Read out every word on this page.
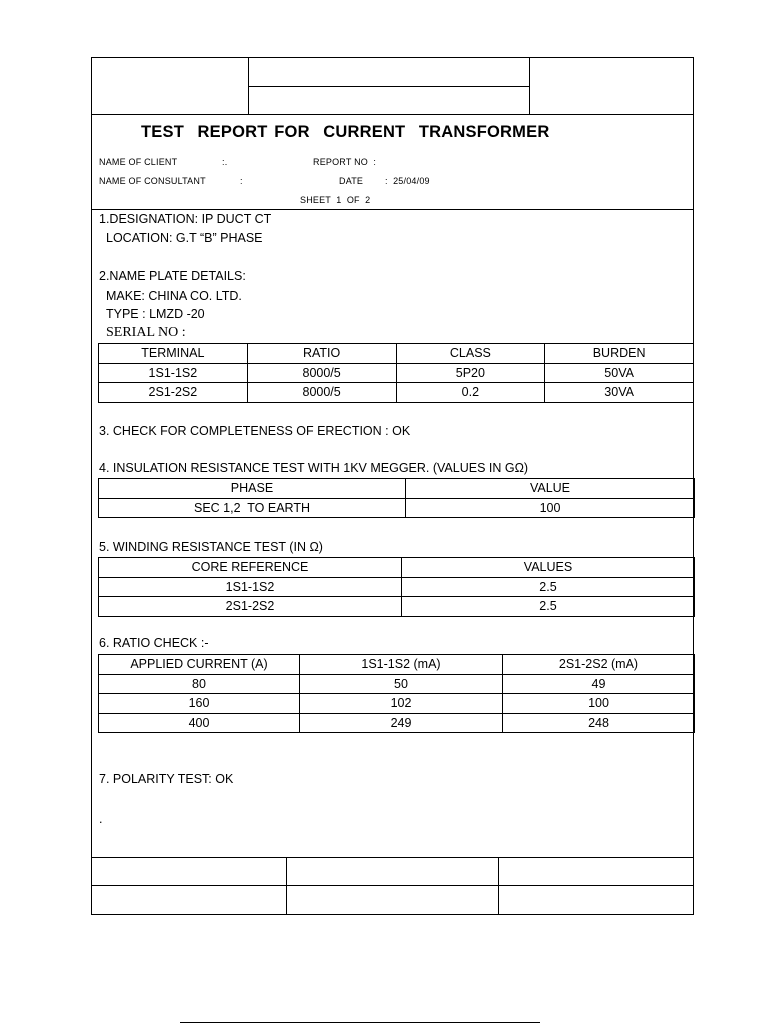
TEST  REPORT FOR  CURRENT  TRANSFORMER
NAME OF CLIENT	:.	REPORT NO  :
NAME OF CONSULTANT	:	DATE :  25/04/09
SHEET  1  OF  2
1.DESIGNATION: IP DUCT CT
LOCATION: G.T “B” PHASE
2.NAME PLATE DETAILS:
MAKE: CHINA CO. LTD.
TYPE : LMZD -20
SERIAL NO :
TERMINAL	RATIO	CLASS	BURDEN
1S1-1S2	8000/5	5P20	50VA
2S1-2S2	8000/5	0.2	30VA
3. CHECK FOR COMPLETENESS OF ERECTION : OK
4. INSULATION RESISTANCE TEST WITH 1KV MEGGER. (VALUES IN GΩ)
PHASE	VALUE
SEC 1,2  TO EARTH	100
5. WINDING RESISTANCE TEST (IN Ω)
CORE REFERENCE	VALUES
1S1-1S2	2.5
2S1-2S2	2.5
6. RATIO CHECK :-
APPLIED CURRENT (A)	1S1-1S2 (mA)	2S1-2S2 (mA)
80	50	49
160	102	100
400	249	248
7. POLARITY TEST: OK
.
